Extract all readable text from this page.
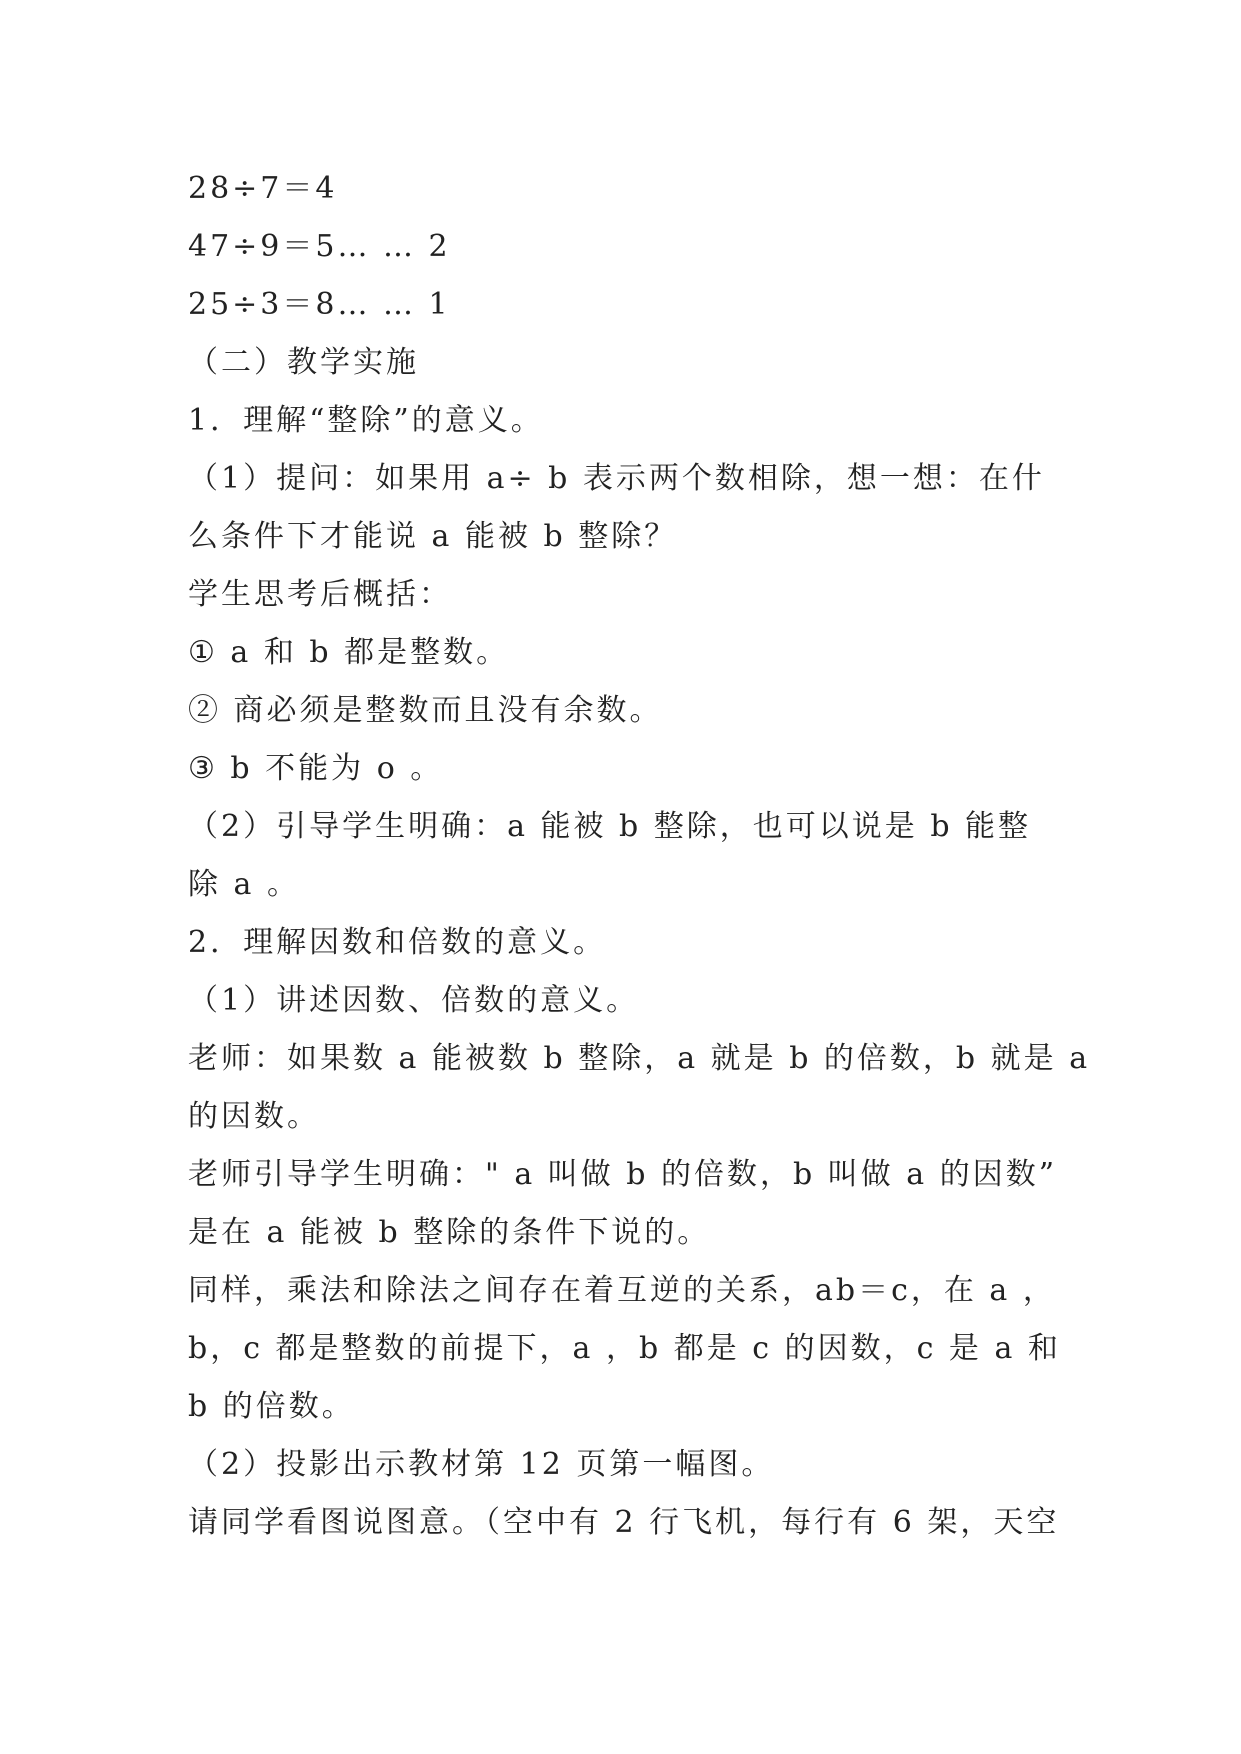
28÷7＝4
47÷9＝5… … 2
25÷3＝8… … 1
（二）教学实施
1．理解“整除”的意义。
（1）提问：如果用 a÷ b 表示两个数相除，想一想：在什
么条件下才能说 a 能被 b 整除？
学生思考后概括：
① a 和 b 都是整数。
② 商必须是整数而且没有余数。
③ b 不能为 o 。
（2）引导学生明确：a 能被 b 整除，也可以说是 b 能整
除 a 。
2．理解因数和倍数的意义。
（1）讲述因数、倍数的意义。
老师：如果数 a 能被数 b 整除，a 就是 b 的倍数，b 就是 a
的因数。
老师引导学生明确：" a 叫做 b 的倍数，b 叫做 a 的因数”
是在 a 能被 b 整除的条件下说的。
同样，乘法和除法之间存在着互逆的关系，ab＝c，在 a ，
b，c 都是整数的前提下，a ，b 都是 c 的因数，c 是 a 和
b 的倍数。
（2）投影出示教材第 12 页第一幅图。
请同学看图说图意。（空中有 2 行飞机，每行有 6 架，天空
